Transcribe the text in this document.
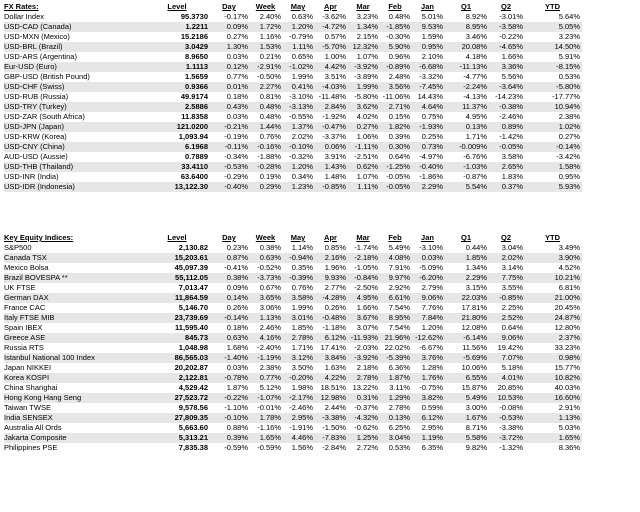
FX Rates:	Level	Day	Week	May	Apr	Mar	Feb	Jan	Q1	Q2	YTD
Dollar Index	95.3730	-0.17%	2.40%	0.63%	-3.62%	3.23%	0.48%	5.01%	8.92%	-3.01%	5.64%
USD-CAD (Canada)	1.2211	0.09%	1.72%	1.20%	-4.72%	1.34%	-1.85%	9.53%	8.95%	-3.58%	5.05%
USD-MXN (Mexico)	15.2186	0.27%	1.16%	-0.79%	0.57%	2.15%	-0.30%	1.59%	3.46%	-0.22%	3.23%
USD-BRL (Brazil)	3.0429	1.30%	1.53%	1.11%	-5.70%	12.32%	5.90%	0.95%	20.08%	-4.65%	14.50%
USD-ARS (Argentina)	8.9650	0.03%	0.21%	0.65%	1.00%	1.07%	0.96%	2.10%	4.18%	1.66%	5.91%
Eur-USD (Euro)	1.1113	0.12%	-2.91%	-1.02%	4.42%	-3.92%	-0.89%	-6.68%	-11.13%	3.36%	-8.15%
GBP-USD (British Pound)	1.5659	0.77%	-0.50%	1.99%	3.51%	-3.89%	2.48%	-3.32%	-4.77%	5.56%	0.53%
USD-CHF (Swiss)	0.9366	0.01%	2.27%	0.41%	-4.03%	1.99%	3.56%	-7.45%	-2.24%	-3.64%	-5.80%
USD-RUB (Russia)	49.9174	0.18%	0.81%	-3.10%	-11.48%	-5.80%	-11.06%	14.43%	-4.13%	-14.23%	-17.77%
USD-TRY (Turkey)	2.5886	0.43%	0.48%	-3.13%	2.84%	3.62%	2.71%	4.64%	11.37%	-0.38%	10.94%
USD-ZAR (South Africa)	11.8358	0.03%	0.48%	-0.55%	-1.92%	4.02%	0.15%	0.75%	4.95%	-2.46%	2.38%
USD-JPN (Japan)	121.0200	-0.21%	1.44%	1.37%	-0.47%	0.27%	1.82%	-1.93%	0.13%	0.89%	1.02%
USD-KRW (Korea)	1,093.94	-0.19%	0.76%	2.02%	-3.37%	1.06%	0.39%	0.25%	1.71%	-1.42%	0.27%
USD-CNY (China)	6.1968	-0.11%	-0.16%	-0.10%	0.06%	-1.11%	0.30%	0.73%	-0.009%	-0.05%	-0.14%
AUD-USD (Aussie)	0.7889	-0.34%	-1.88%	-0.32%	3.91%	-2.51%	0.64%	-4.97%	-6.76%	3.58%	-3.42%
USD-THB (Thailand)	33.4110	-0.53%	-0.28%	1.20%	1.43%	0.62%	-1.25%	-0.40%	-1.03%	2.65%	1.58%
USD-INR (India)	63.6400	-0.29%	0.19%	0.34%	1.48%	1.07%	-0.05%	-1.86%	-0.87%	1.83%	0.95%
USD-IDR (Indonesia)	13,122.30	-0.40%	0.29%	1.23%	-0.85%	1.11%	-0.05%	2.29%	5.54%	0.37%	5.93%
Key Equity Indices:	Level	Day	Week	May	Apr	Mar	Feb	Jan	Q1	Q2	YTD
S&P500	2,130.82	0.23%	0.38%	1.14%	0.85%	-1.74%	5.49%	-3.10%	0.44%	3.04%	3.49%
Canada TSX	15,203.61	0.87%	0.63%	-0.94%	2.16%	-2.18%	4.08%	0.03%	1.85%	2.02%	3.90%
Mexico Bolsa	45,097.39	-0.41%	-0.52%	0.35%	1.96%	-1.05%	7.91%	-5.09%	1.34%	3.14%	4.52%
Brazil BOVESPA **	55,112.05	0.38%	-3.73%	-0.39%	9.93%	-0.84%	9.97%	-6.20%	2.29%	7.75%	10.21%
UK FTSE	7,013.47	0.09%	0.67%	0.76%	2.77%	-2.50%	2.92%	2.79%	3.15%	3.55%	6.81%
German DAX	11,864.59	0.14%	3.65%	3.58%	-4.28%	4.95%	6.61%	9.06%	22.03%	-0.85%	21.00%
France CAC	5,146.70	0.26%	3.06%	1.99%	0.26%	1.66%	7.54%	7.76%	17.81%	2.25%	20.45%
Italy FTSE MIB	23,739.69	-0.14%	1.13%	3.01%	-0.48%	3.67%	8.95%	7.84%	21.80%	2.52%	24.87%
Spain IBEX	11,595.40	0.18%	2.46%	1.85%	-1.18%	3.07%	7.54%	1.20%	12.08%	0.64%	12.80%
Greece ASE	845.73	0.63%	4.16%	2.78%	6.12%	-11.93%	21.96%	-12.62%	-6.14%	9.06%	2.37%
Russia RTS	1,048.98	1.68%	-2.40%	1.71%	17.41%	-2.03%	22.02%	-6.67%	11.56%	19.42%	33.23%
Istanbul National 100 Index	86,565.03	-1.40%	-1.19%	3.12%	3.84%	-3.92%	-5.39%	3.76%	-5.69%	7.07%	0.98%
Japan NIKKEI	20,202.87	0.03%	2.38%	3.50%	1.63%	2.18%	6.36%	1.28%	10.06%	5.18%	15.77%
Korea KOSPI	2,122.81	-0.78%	0.77%	-0.20%	4.22%	2.78%	1.87%	1.76%	6.55%	4.01%	10.82%
China Shanghai	4,529.42	1.87%	5.12%	1.98%	18.51%	13.22%	3.11%	-0.75%	15.87%	20.85%	40.03%
Hong Kong Hang Seng	27,523.72	-0.22%	-1.07%	-2.17%	12.98%	0.31%	1.29%	3.82%	5.49%	10.53%	16.60%
Taiwan TWSE	9,578.56	-1.10%	-0.01%	-2.46%	2.44%	-0.37%	2.78%	0.59%	3.00%	-0.08%	2.91%
India SENSEX	27,809.35	-0.10%	1.78%	2.95%	-3.38%	-4.32%	0.13%	6.12%	1.67%	-0.53%	1.13%
Australia All Ords	5,663.60	0.88%	-1.16%	-1.91%	-1.50%	-0.62%	6.25%	2.95%	8.71%	-3.38%	5.03%
Jakarta Composite	5,313.21	0.39%	1.65%	4.46%	-7.83%	1.25%	3.04%	1.19%	5.58%	-3.72%	1.65%
Philippines PSE	7,835.38	-0.59%	-0.59%	1.56%	-2.84%	2.72%	0.53%	6.35%	9.82%	-1.32%	8.36%
